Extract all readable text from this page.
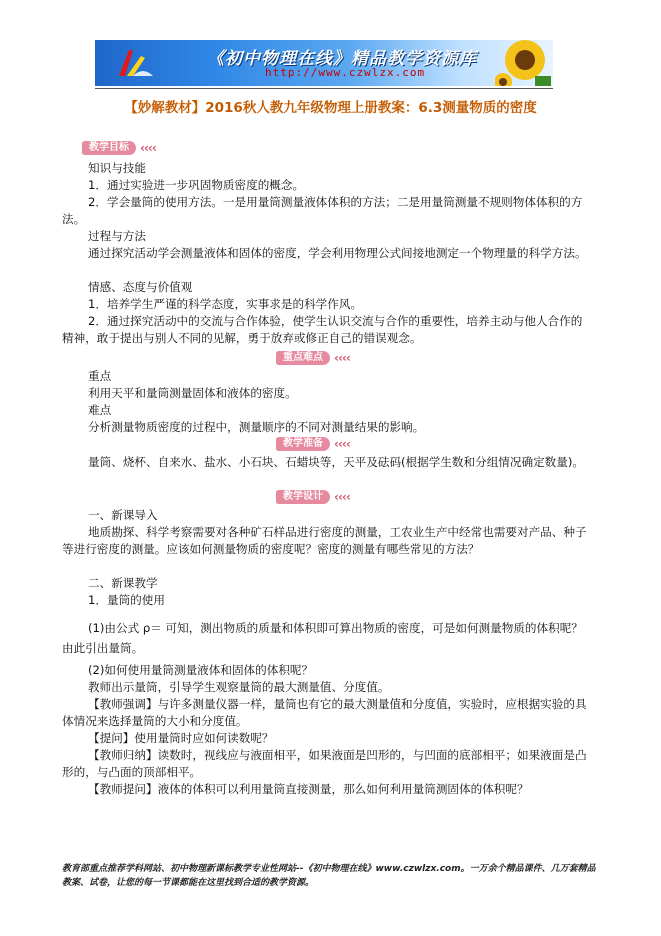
《初中物理在线》精品教学资源库
http://www.czwlzx.com
【妙解教材】2016秋人教九年级物理上册教案：6.3测量物质的密度
教学目标 ‹‹‹‹
知识与技能
1．通过实验进一步巩固物质密度的概念。
2．学会量筒的使用方法。一是用量筒测量液体体积的方法；二是用量筒测量不规则物体体积的方法。
过程与方法
通过探究活动学会测量液体和固体的密度，学会利用物理公式间接地测定一个物理量的科学方法。
情感、态度与价值观
1．培养学生严谨的科学态度，实事求是的科学作风。
2．通过探究活动中的交流与合作体验，使学生认识交流与合作的重要性，培养主动与他人合作的精神，敢于提出与别人不同的见解，勇于放弃或修正自己的错误观念。
重点难点 ‹‹‹‹
重点
利用天平和量筒测量固体和液体的密度。
难点
分析测量物质密度的过程中，测量顺序的不同对测量结果的影响。
教学准备 ‹‹‹‹
量筒、烧杯、自来水、盐水、小石块、石蜡块等，天平及砝码(根据学生数和分组情况确定数量)。
教学设计 ‹‹‹‹
一、新课导入
地质勘探、科学考察需要对各种矿石样品进行密度的测量，工农业生产中经常也需要对产品、种子等进行密度的测量。应该如何测量物质的密度呢？密度的测量有哪些常见的方法？
二、新课教学
1．量筒的使用
(1)由公式 ρ＝ 可知，测出物质的质量和体积即可算出物质的密度，可是如何测量物质的体积呢？由此引出量筒。
(2)如何使用量筒测量液体和固体的体积呢？
教师出示量筒，引导学生观察量筒的最大测量值、分度值。
【教师强调】与许多测量仪器一样，量筒也有它的最大测量值和分度值，实验时，应根据实验的具体情况来选择量筒的大小和分度值。
【提问】使用量筒时应如何读数呢？
【教师归纳】读数时，视线应与液面相平，如果液面是凹形的，与凹面的底部相平；如果液面是凸形的，与凸面的顶部相平。
【教师提问】液体的体积可以利用量筒直接测量，那么如何利用量筒测固体的体积呢？
教育部重点推荐学科网站、初中物理新课标教学专业性网站--《初中物理在线》www.czwlzx.com。一万余个精品课件、几万套精品教案、试卷，让您的每一节课都能在这里找到合适的教学资源。
